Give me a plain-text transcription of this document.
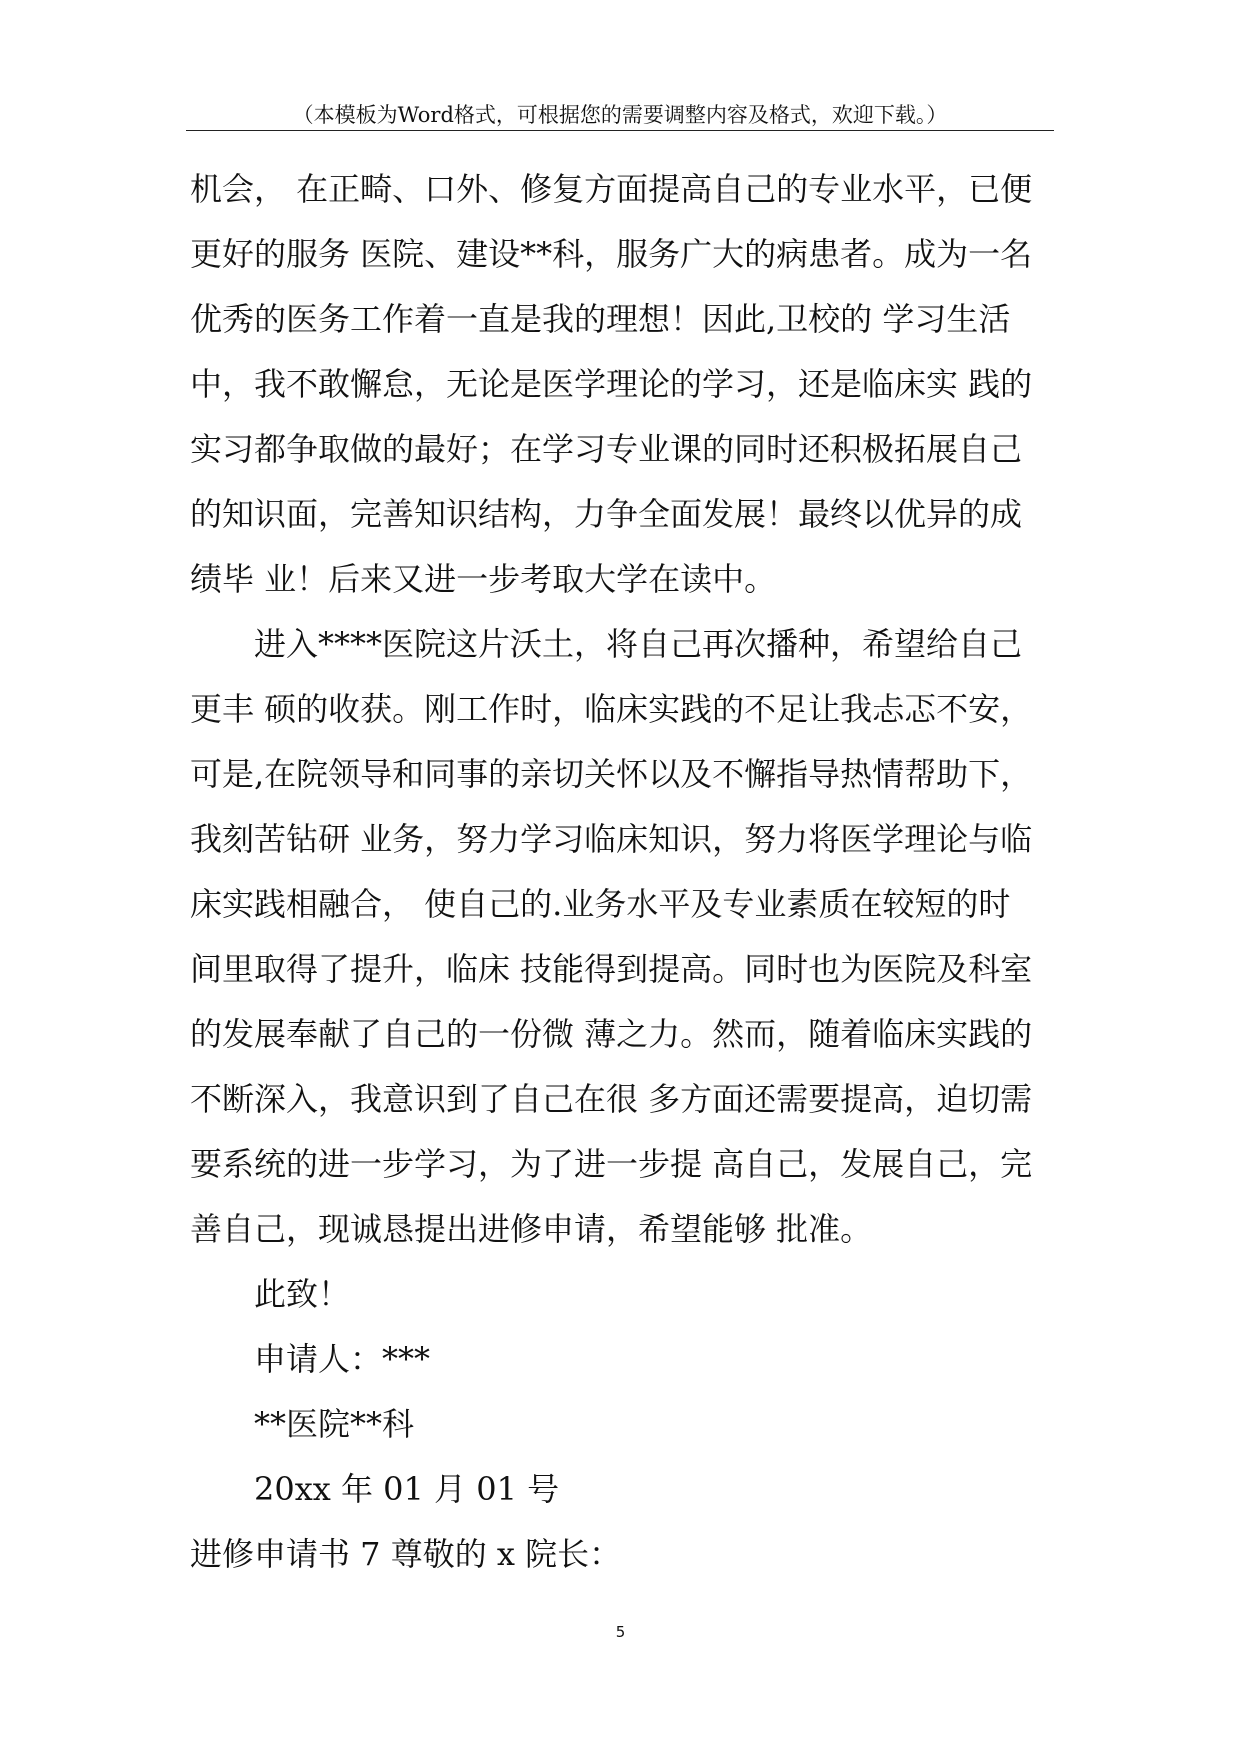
（本模板为Word格式，可根据您的需要调整内容及格式，欢迎下载。）
机会， 在正畸、口外、修复方面提高自己的专业水平，已便
更好的服务 医院、建设**科，服务广大的病患者。成为一名
优秀的医务工作着一直是我的理想！因此,卫校的 学习生活
中，我不敢懈怠，无论是医学理论的学习，还是临床实 践的
实习都争取做的最好；在学习专业课的同时还积极拓展自己
的知识面，完善知识结构，力争全面发展！最终以优异的成
绩毕 业！后来又进一步考取大学在读中。
进入****医院这片沃土，将自己再次播种，希望给自己
更丰 硕的收获。刚工作时，临床实践的不足让我忐忑不安，
可是,在院领导和同事的亲切关怀以及不懈指导热情帮助下，
我刻苦钻研 业务，努力学习临床知识，努力将医学理论与临
床实践相融合， 使自己的.业务水平及专业素质在较短的时
间里取得了提升，临床 技能得到提高。同时也为医院及科室
的发展奉献了自己的一份微 薄之力。然而，随着临床实践的
不断深入，我意识到了自己在很 多方面还需要提高，迫切需
要系统的进一步学习，为了进一步提 高自己，发展自己，完
善自己，现诚恳提出进修申请，希望能够 批准。
此致！
申请人：***
**医院**科
20xx 年 01 月 01 号
进修申请书 7 尊敬的 x 院长：
5
